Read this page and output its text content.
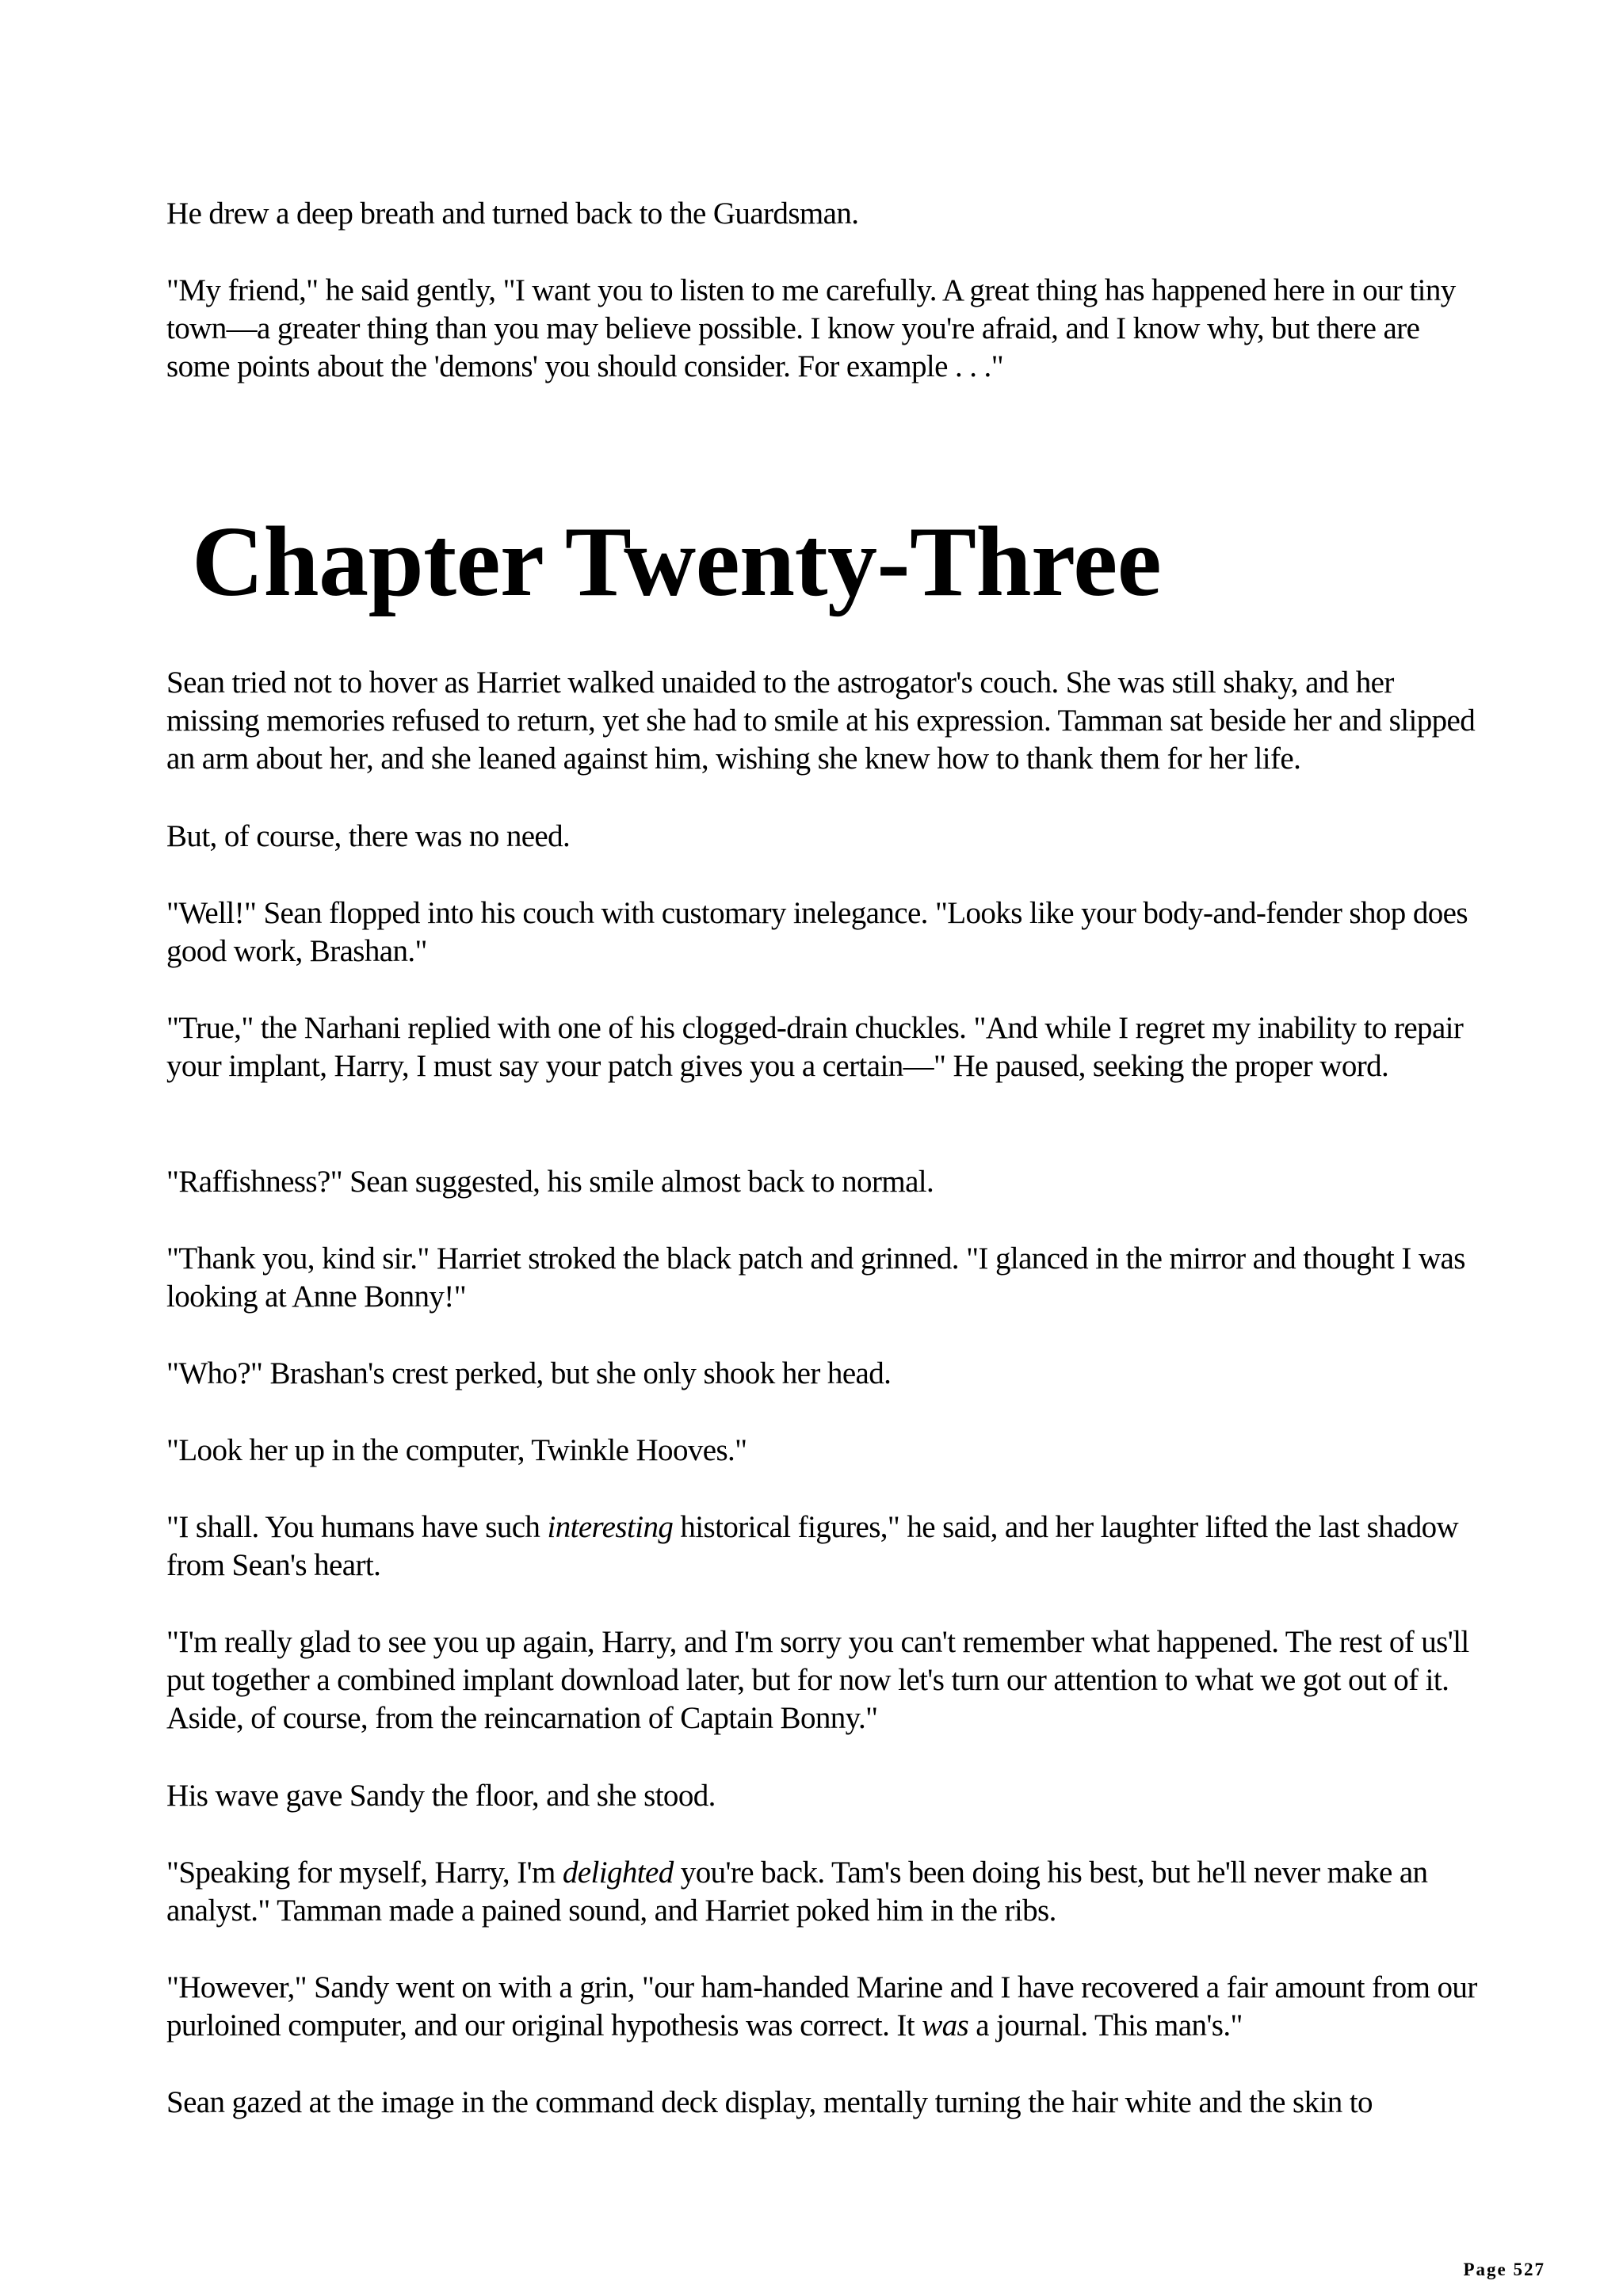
He drew a deep breath and turned back to the Guardsman.

"My friend," he said gently, "I want you to listen to me carefully. A great thing has happened here in our tiny town—a greater thing than you may believe possible. I know you're afraid, and I know why, but there are some points about the 'demons' you should consider. For example . . ."

Chapter Twenty-Three

Sean tried not to hover as Harriet walked unaided to the astrogator's couch. She was still shaky, and her missing memories refused to return, yet she had to smile at his expression. Tamman sat beside her and slipped an arm about her, and she leaned against him, wishing she knew how to thank them for her life.

But, of course, there was no need.

"Well!" Sean flopped into his couch with customary inelegance. "Looks like your body-and-fender shop does good work, Brashan."

"True," the Narhani replied with one of his clogged-drain chuckles. "And while I regret my inability to repair your implant, Harry, I must say your patch gives you a certain—" He paused, seeking the proper word.

"Raffishness?" Sean suggested, his smile almost back to normal.

"Thank you, kind sir." Harriet stroked the black patch and grinned. "I glanced in the mirror and thought I was looking at Anne Bonny!"

"Who?" Brashan's crest perked, but she only shook her head.

"Look her up in the computer, Twinkle Hooves."

"I shall. You humans have such interesting historical figures," he said, and her laughter lifted the last shadow from Sean's heart.

"I'm really glad to see you up again, Harry, and I'm sorry you can't remember what happened. The rest of us'll put together a combined implant download later, but for now let's turn our attention to what we got out of it. Aside, of course, from the reincarnation of Captain Bonny."

His wave gave Sandy the floor, and she stood.

"Speaking for myself, Harry, I'm delighted you're back. Tam's been doing his best, but he'll never make an analyst." Tamman made a pained sound, and Harriet poked him in the ribs.

"However," Sandy went on with a grin, "our ham-handed Marine and I have recovered a fair amount from our purloined computer, and our original hypothesis was correct. It was a journal. This man's."

Sean gazed at the image in the command deck display, mentally turning the hair white and the skin to

Page 527
